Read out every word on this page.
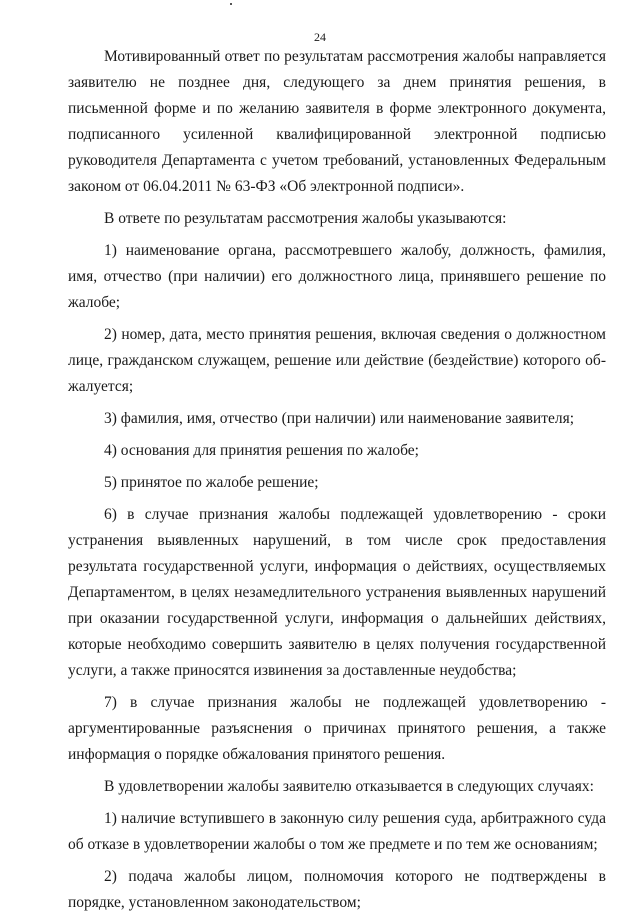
24

Мотивированный ответ по результатам рассмотрения жалобы направляется заявителю не позднее дня, следующего за днем принятия решения, в письменной форме и по желанию заявителя в форме электронного документа, подписанного усиленной квалифицированной электронной подписью руководителя Департамента с учетом требований, установленных Федеральным законом от 06.04.2011 № 63-ФЗ «Об электронной подписи».

В ответе по результатам рассмотрения жалобы указываются:

1) наименование органа, рассмотревшего жалобу, должность, фамилия, имя, отчество (при наличии) его должностного лица, принявшего решение по жалобе;

2) номер, дата, место принятия решения, включая сведения о должностном лице, гражданском служащем, решение или действие (бездействие) которого обжалуется;

3) фамилия, имя, отчество (при наличии) или наименование заявителя;

4) основания для принятия решения по жалобе;

5) принятое по жалобе решение;

6) в случае признания жалобы подлежащей удовлетворению - сроки устранения выявленных нарушений, в том числе срок предоставления результата государственной услуги, информация о действиях, осуществляемых Департаментом, в целях незамедлительного устранения выявленных нарушений при оказании государственной услуги, информация о дальнейших действиях, которые необходимо совершить заявителю в целях получения государственной услуги, а также приносятся извинения за доставленные неудобства;

7) в случае признания жалобы не подлежащей удовлетворению - аргументированные разъяснения о причинах принятого решения, а также информация о порядке обжалования принятого решения.

В удовлетворении жалобы заявителю отказывается в следующих случаях:

1) наличие вступившего в законную силу решения суда, арбитражного суда об отказе в удовлетворении жалобы о том же предмете и по тем же основаниям;

2) подача жалобы лицом, полномочия которого не подтверждены в порядке, установленном законодательством;
